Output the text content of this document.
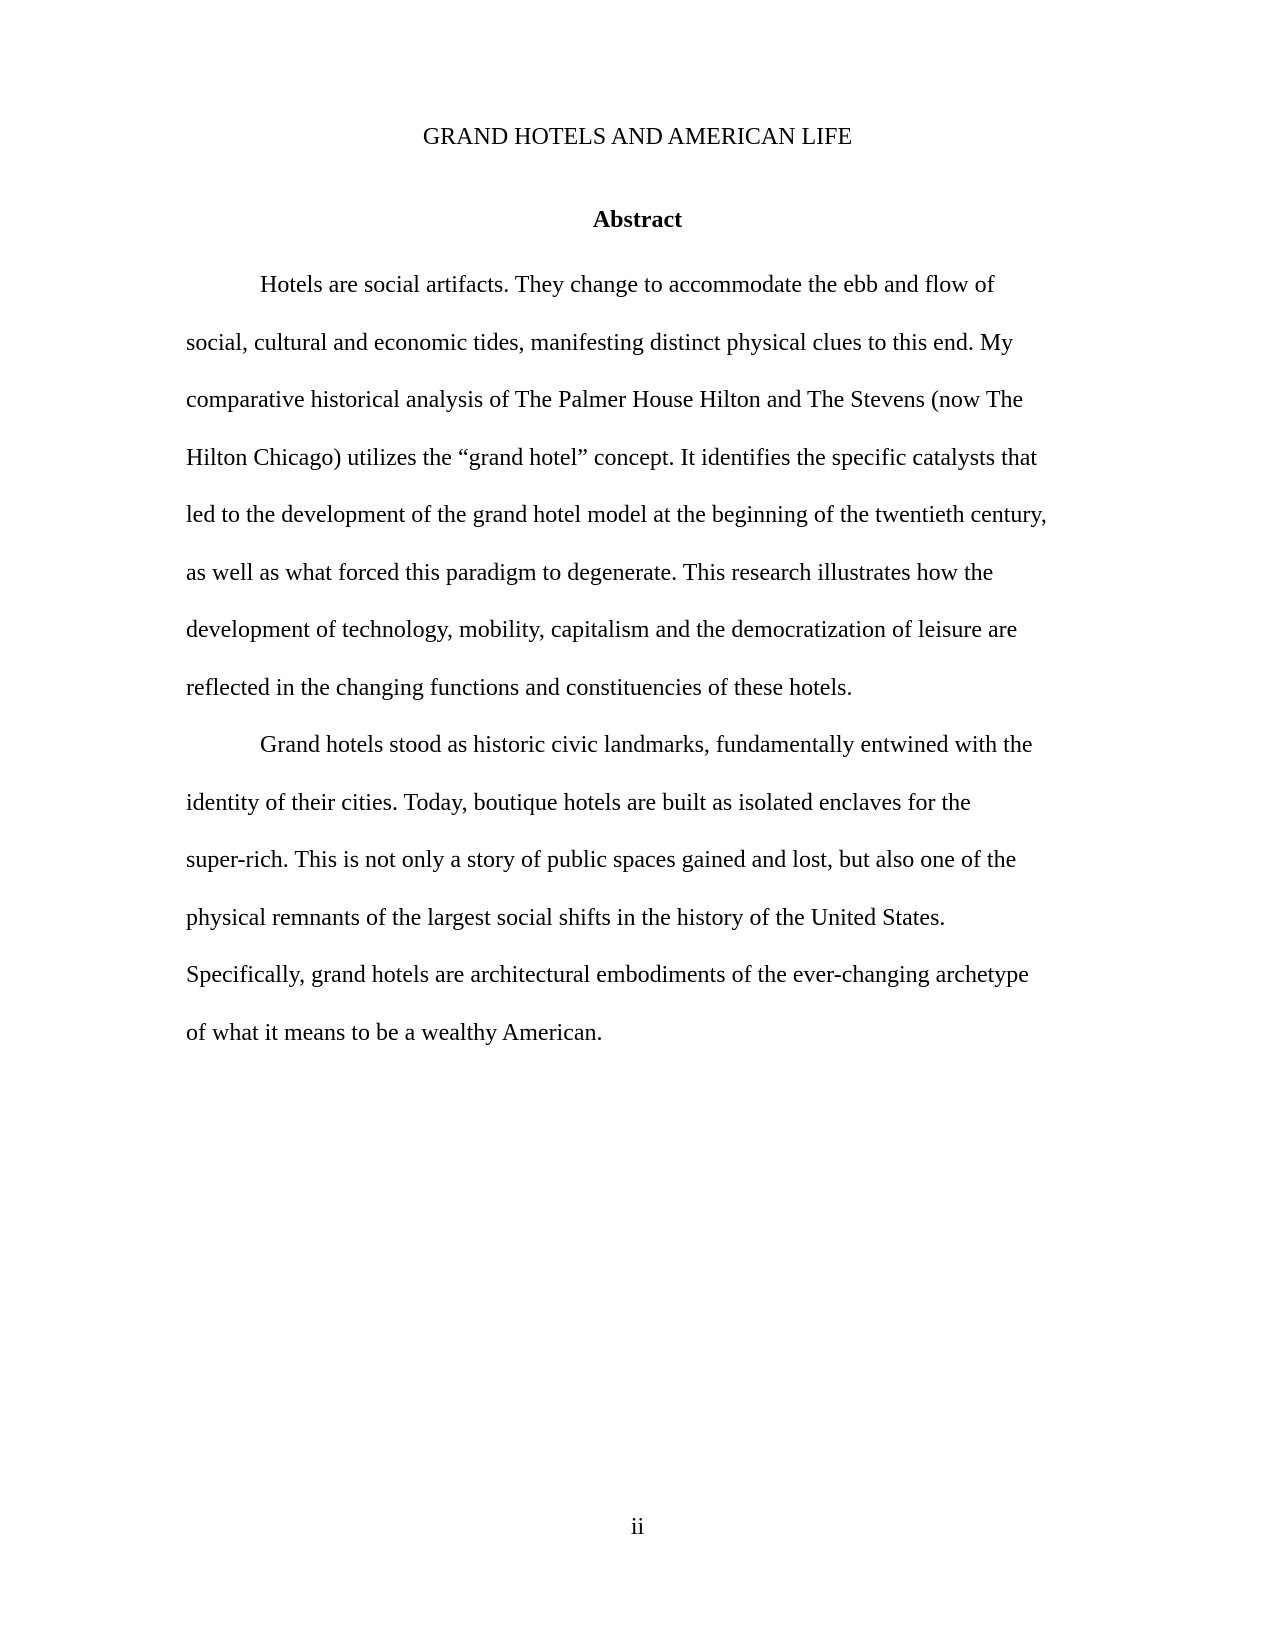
GRAND HOTELS AND AMERICAN LIFE
Abstract
Hotels are social artifacts. They change to accommodate the ebb and flow of
social, cultural and economic tides, manifesting distinct physical clues to this end. My
comparative historical analysis of The Palmer House Hilton and The Stevens (now The
Hilton Chicago) utilizes the “grand hotel” concept. It identifies the specific catalysts that
led to the development of the grand hotel model at the beginning of the twentieth century,
as well as what forced this paradigm to degenerate. This research illustrates how the
development of technology, mobility, capitalism and the democratization of leisure are
reflected in the changing functions and constituencies of these hotels.
Grand hotels stood as historic civic landmarks, fundamentally entwined with the
identity of their cities. Today, boutique hotels are built as isolated enclaves for the
super-rich. This is not only a story of public spaces gained and lost, but also one of the
physical remnants of the largest social shifts in the history of the United States.
Specifically, grand hotels are architectural embodiments of the ever-changing archetype
of what it means to be a wealthy American.

ii
